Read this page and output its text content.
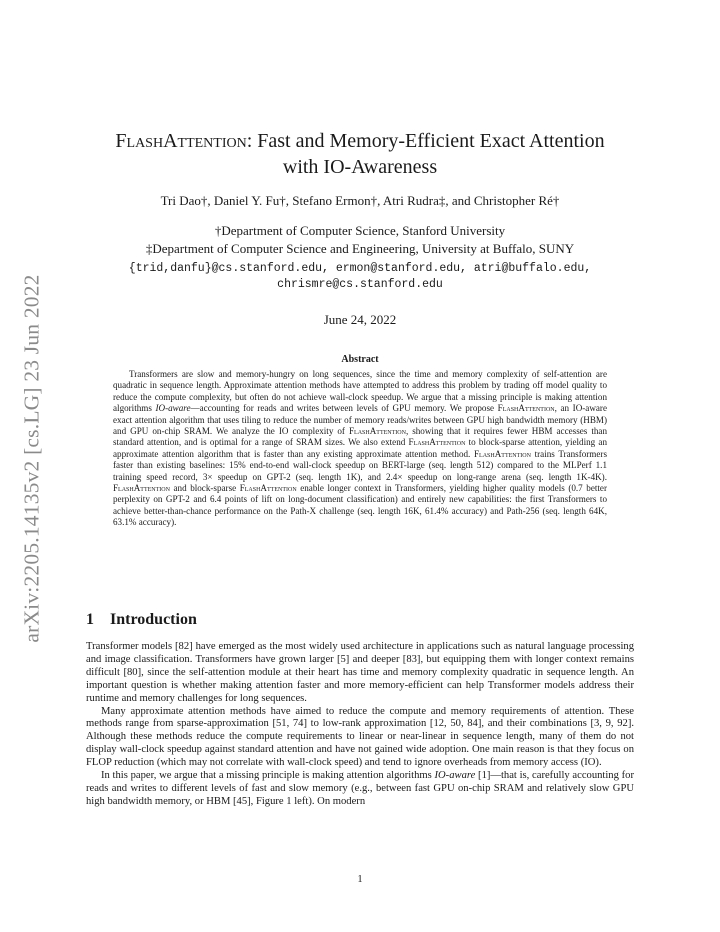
arXiv:2205.14135v2 [cs.LG] 23 Jun 2022
FlashAttention: Fast and Memory-Efficient Exact Attention
with IO-Awareness
Tri Dao†, Daniel Y. Fu†, Stefano Ermon†, Atri Rudra‡, and Christopher Ré†
†Department of Computer Science, Stanford University
‡Department of Computer Science and Engineering, University at Buffalo, SUNY
{trid,danfu}@cs.stanford.edu, ermon@stanford.edu, atri@buffalo.edu,
chrismre@cs.stanford.edu
June 24, 2022
Abstract
Transformers are slow and memory-hungry on long sequences, since the time and memory complexity of self-attention are quadratic in sequence length. Approximate attention methods have attempted to address this problem by trading off model quality to reduce the compute complexity, but often do not achieve wall-clock speedup. We argue that a missing principle is making attention algorithms IO-aware—accounting for reads and writes between levels of GPU memory. We propose FlashAttention, an IO-aware exact attention algorithm that uses tiling to reduce the number of memory reads/writes between GPU high bandwidth memory (HBM) and GPU on-chip SRAM. We analyze the IO complexity of FlashAttention, showing that it requires fewer HBM accesses than standard attention, and is optimal for a range of SRAM sizes. We also extend FlashAttention to block-sparse attention, yielding an approximate attention algorithm that is faster than any existing approximate attention method. FlashAttention trains Transformers faster than existing baselines: 15% end-to-end wall-clock speedup on BERT-large (seq. length 512) compared to the MLPerf 1.1 training speed record, 3× speedup on GPT-2 (seq. length 1K), and 2.4× speedup on long-range arena (seq. length 1K-4K). FlashAttention and block-sparse FlashAttention enable longer context in Transformers, yielding higher quality models (0.7 better perplexity on GPT-2 and 6.4 points of lift on long-document classification) and entirely new capabilities: the first Transformers to achieve better-than-chance performance on the Path-X challenge (seq. length 16K, 61.4% accuracy) and Path-256 (seq. length 64K, 63.1% accuracy).
1 Introduction

Transformer models [82] have emerged as the most widely used architecture in applications such as natural language processing and image classification. Transformers have grown larger [5] and deeper [83], but equipping them with longer context remains difficult [80], since the self-attention module at their heart has time and memory complexity quadratic in sequence length. An important question is whether making attention faster and more memory-efficient can help Transformer models address their runtime and memory challenges for long sequences.

Many approximate attention methods have aimed to reduce the compute and memory requirements of attention. These methods range from sparse-approximation [51, 74] to low-rank approximation [12, 50, 84], and their combinations [3, 9, 92]. Although these methods reduce the compute requirements to linear or near-linear in sequence length, many of them do not display wall-clock speedup against standard attention and have not gained wide adoption. One main reason is that they focus on FLOP reduction (which may not correlate with wall-clock speed) and tend to ignore overheads from memory access (IO).

In this paper, we argue that a missing principle is making attention algorithms IO-aware [1]—that is, carefully accounting for reads and writes to different levels of fast and slow memory (e.g., between fast GPU on-chip SRAM and relatively slow GPU high bandwidth memory, or HBM [45], Figure 1 left). On modern

1
